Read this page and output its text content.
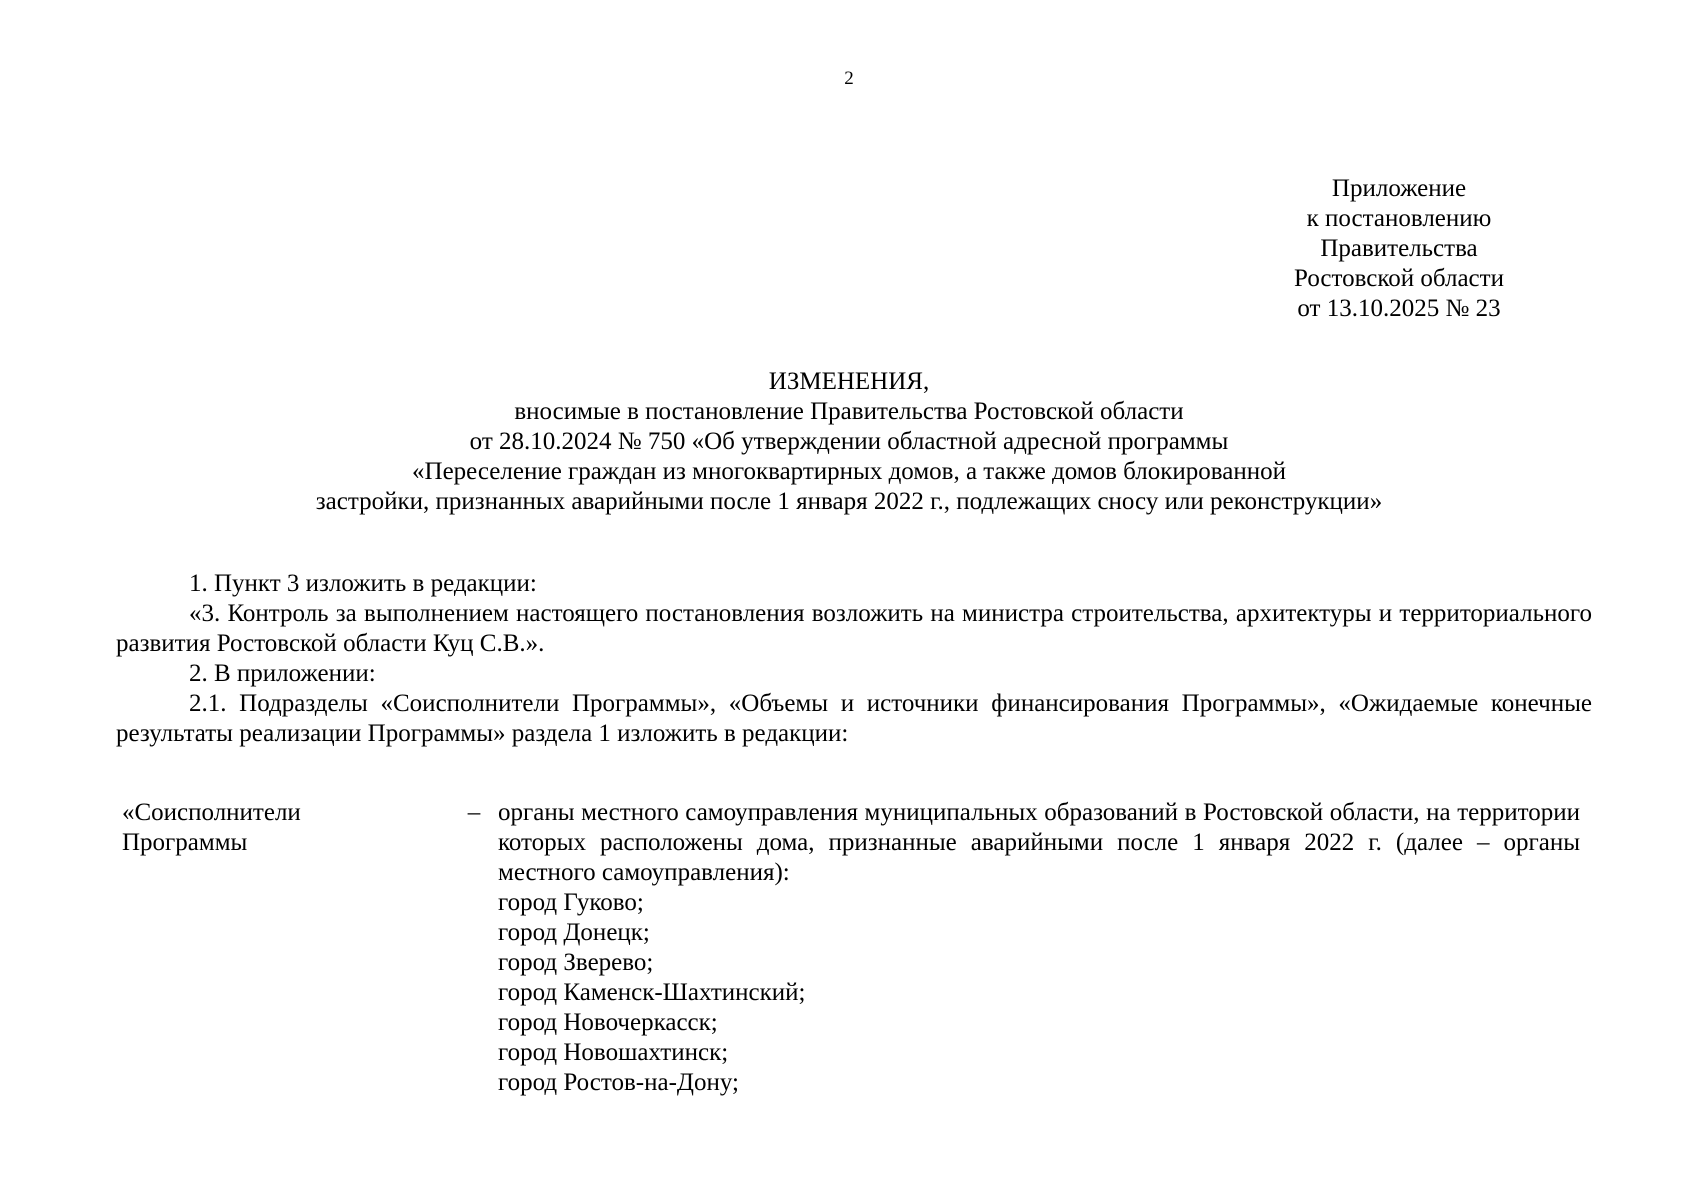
2
Приложение
к постановлению
Правительства
Ростовской области
от 13.10.2025 № 23
ИЗМЕНЕНИЯ,
вносимые в постановление Правительства Ростовской области
от 28.10.2024 № 750 «Об утверждении областной адресной программы
«Переселение граждан из многоквартирных домов, а также домов блокированной
застройки, признанных аварийными после 1 января 2022 г., подлежащих сносу или реконструкции»

1. Пункт 3 изложить в редакции:

«3. Контроль за выполнением настоящего постановления возложить на министра строительства, архитектуры и территориального развития Ростовской области Куц С.В.».

2. В приложении:

2.1. Подразделы «Соисполнители Программы», «Объемы и источники финансирования Программы», «Ожидаемые конечные результаты реализации Программы» раздела 1 изложить в редакции:

«Соисполнители
Программы
– органы местного самоуправления муниципальных образований в Ростовской области, на территории которых расположены дома, признанные аварийными после 1 января 2022 г. (далее – органы местного самоуправления):
город Гуково;
город Донецк;
город Зверево;
город Каменск-Шахтинский;
город Новочеркасск;
город Новошахтинск;
город Ростов-на-Дону;
